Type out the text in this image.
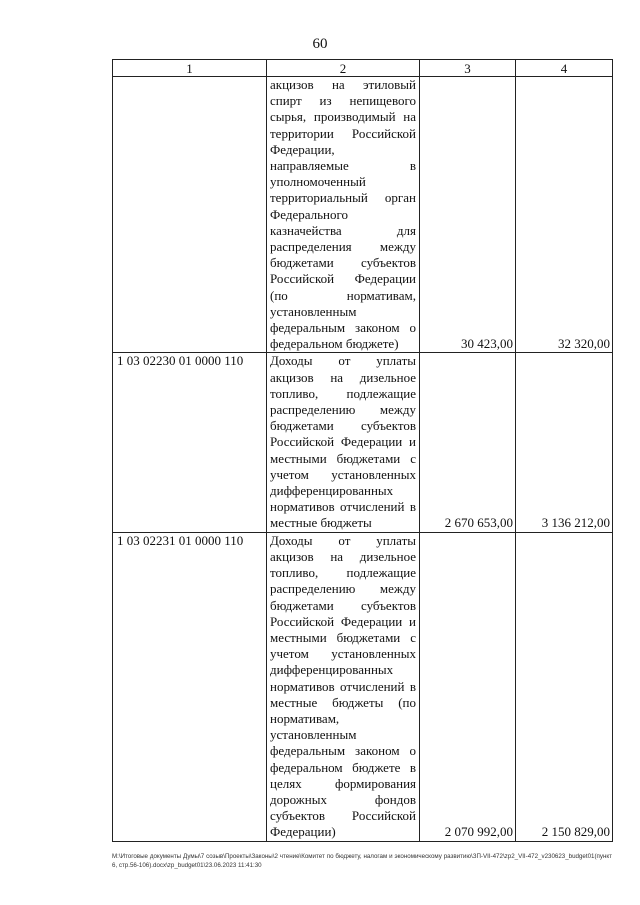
60
1	2	3	4
	акцизов на этиловый спирт из непищевого сырья, производимый на территории Российской Федерации, направляемые в уполномоченный территориальный орган Федерального казначейства для распределения между бюджетами субъектов Российской Федерации (по нормативам, установленным федеральным законом о федеральном бюджете)	30 423,00	32 320,00
1 03 02230 01 0000 110	Доходы от уплаты акцизов на дизельное топливо, подлежащие распределению между бюджетами субъектов Российской Федерации и местными бюджетами с учетом установленных дифференцированных нормативов отчислений в местные бюджеты	2 670 653,00	3 136 212,00
1 03 02231 01 0000 110	Доходы от уплаты акцизов на дизельное топливо, подлежащие распределению между бюджетами субъектов Российской Федерации и местными бюджетами с учетом установленных дифференцированных нормативов отчислений в местные бюджеты (по нормативам, установленным федеральным законом о федеральном бюджете в целях формирования дорожных фондов субъектов Российской Федерации)	2 070 992,00	2 150 829,00
M:\Итоговые документы Думы\7 созыв\Проекты\Законы\2 чтение\Комитет по бюджету, налогам и экономическому развитию\ЗП-VII-472\zp2_VII-472_v230623_budget01(пункт 6, стр.56-106).docx\zp_budget01\23.06.2023 11:41:30
